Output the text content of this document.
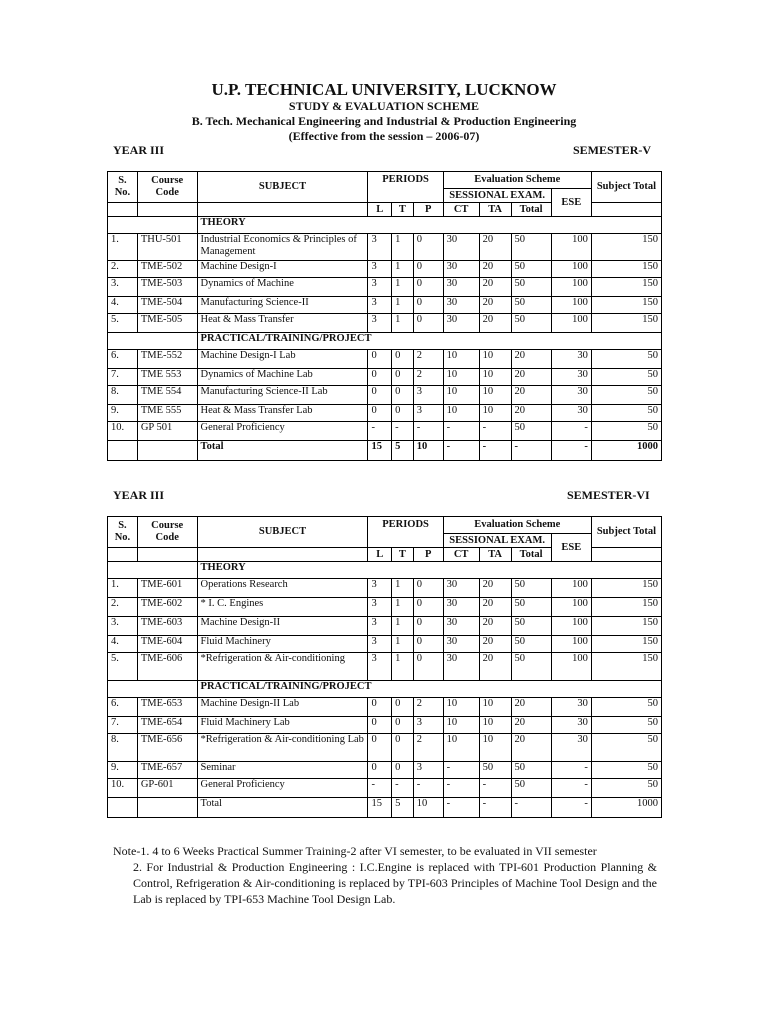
U.P. TECHNICAL UNIVERSITY, LUCKNOW
STUDY & EVALUATION SCHEME
B. Tech. Mechanical Engineering and Industrial & Production Engineering
(Effective from the session – 2006-07)
YEAR III	SEMESTER-V
S. No.	Course Code	SUBJECT	PERIODS			Evaluation Scheme				Subject Total
						SESSIONAL EXAM.			ESE	
			L	T	P	CT	TA	Total		
		THEORY								
1.	THU-501	Industrial Economics & Principles of Management	3	1	0	30	20	50	100	150
2.	TME-502	Machine Design-I	3	1	0	30	20	50	100	150
3.	TME-503	Dynamics of Machine	3	1	0	30	20	50	100	150
4.	TME-504	Manufacturing Science-II	3	1	0	30	20	50	100	150
5.	TME-505	Heat & Mass Transfer	3	1	0	30	20	50	100	150
		PRACTICAL/TRAINING/PROJECT								
6.	TME-552	Machine Design-I Lab	0	0	2	10	10	20	30	50
7.	TME 553	Dynamics of Machine Lab	0	0	2	10	10	20	30	50
8.	TME 554	Manufacturing Science-II Lab	0	0	3	10	10	20	30	50
9.	TME 555	Heat & Mass Transfer Lab	0	0	3	10	10	20	30	50
10.	GP 501	General Proficiency	-	-	-	-	-	50	-	50
		Total	15	5	10	-	-	-	-	1000
YEAR III	SEMESTER-VI
S. No.	Course Code	SUBJECT	PERIODS			Evaluation Scheme				Subject Total
						SESSIONAL EXAM.			ESE	
			L	T	P	CT	TA	Total		
		THEORY								
1.	TME-601	Operations Research	3	1	0	30	20	50	100	150
2.	TME-602	* I. C. Engines	3	1	0	30	20	50	100	150
3.	TME-603	Machine Design-II	3	1	0	30	20	50	100	150
4.	TME-604	Fluid Machinery	3	1	0	30	20	50	100	150
5.	TME-606	*Refrigeration & Air-conditioning	3	1	0	30	20	50	100	150
		PRACTICAL/TRAINING/PROJECT								
6.	TME-653	Machine Design-II Lab	0	0	2	10	10	20	30	50
7.	TME-654	Fluid Machinery Lab	0	0	3	10	10	20	30	50
8.	TME-656	*Refrigeration & Air-conditioning Lab	0	0	2	10	10	20	30	50
9.	TME-657	Seminar	0	0	3	-	50	50	-	50
10.	GP-601	General Proficiency	-	-	-	-	-	50	-	50
		Total	15	5	10	-	-	-	-	1000
Note-1. 4 to 6 Weeks Practical Summer Training-2 after VI semester, to be evaluated in VII semester
2. For Industrial & Production Engineering : I.C.Engine is replaced with TPI-601 Production Planning & Control, Refrigeration & Air-conditioning is replaced by TPI-603 Principles of Machine Tool Design and the Lab is replaced by TPI-653 Machine Tool Design Lab.
